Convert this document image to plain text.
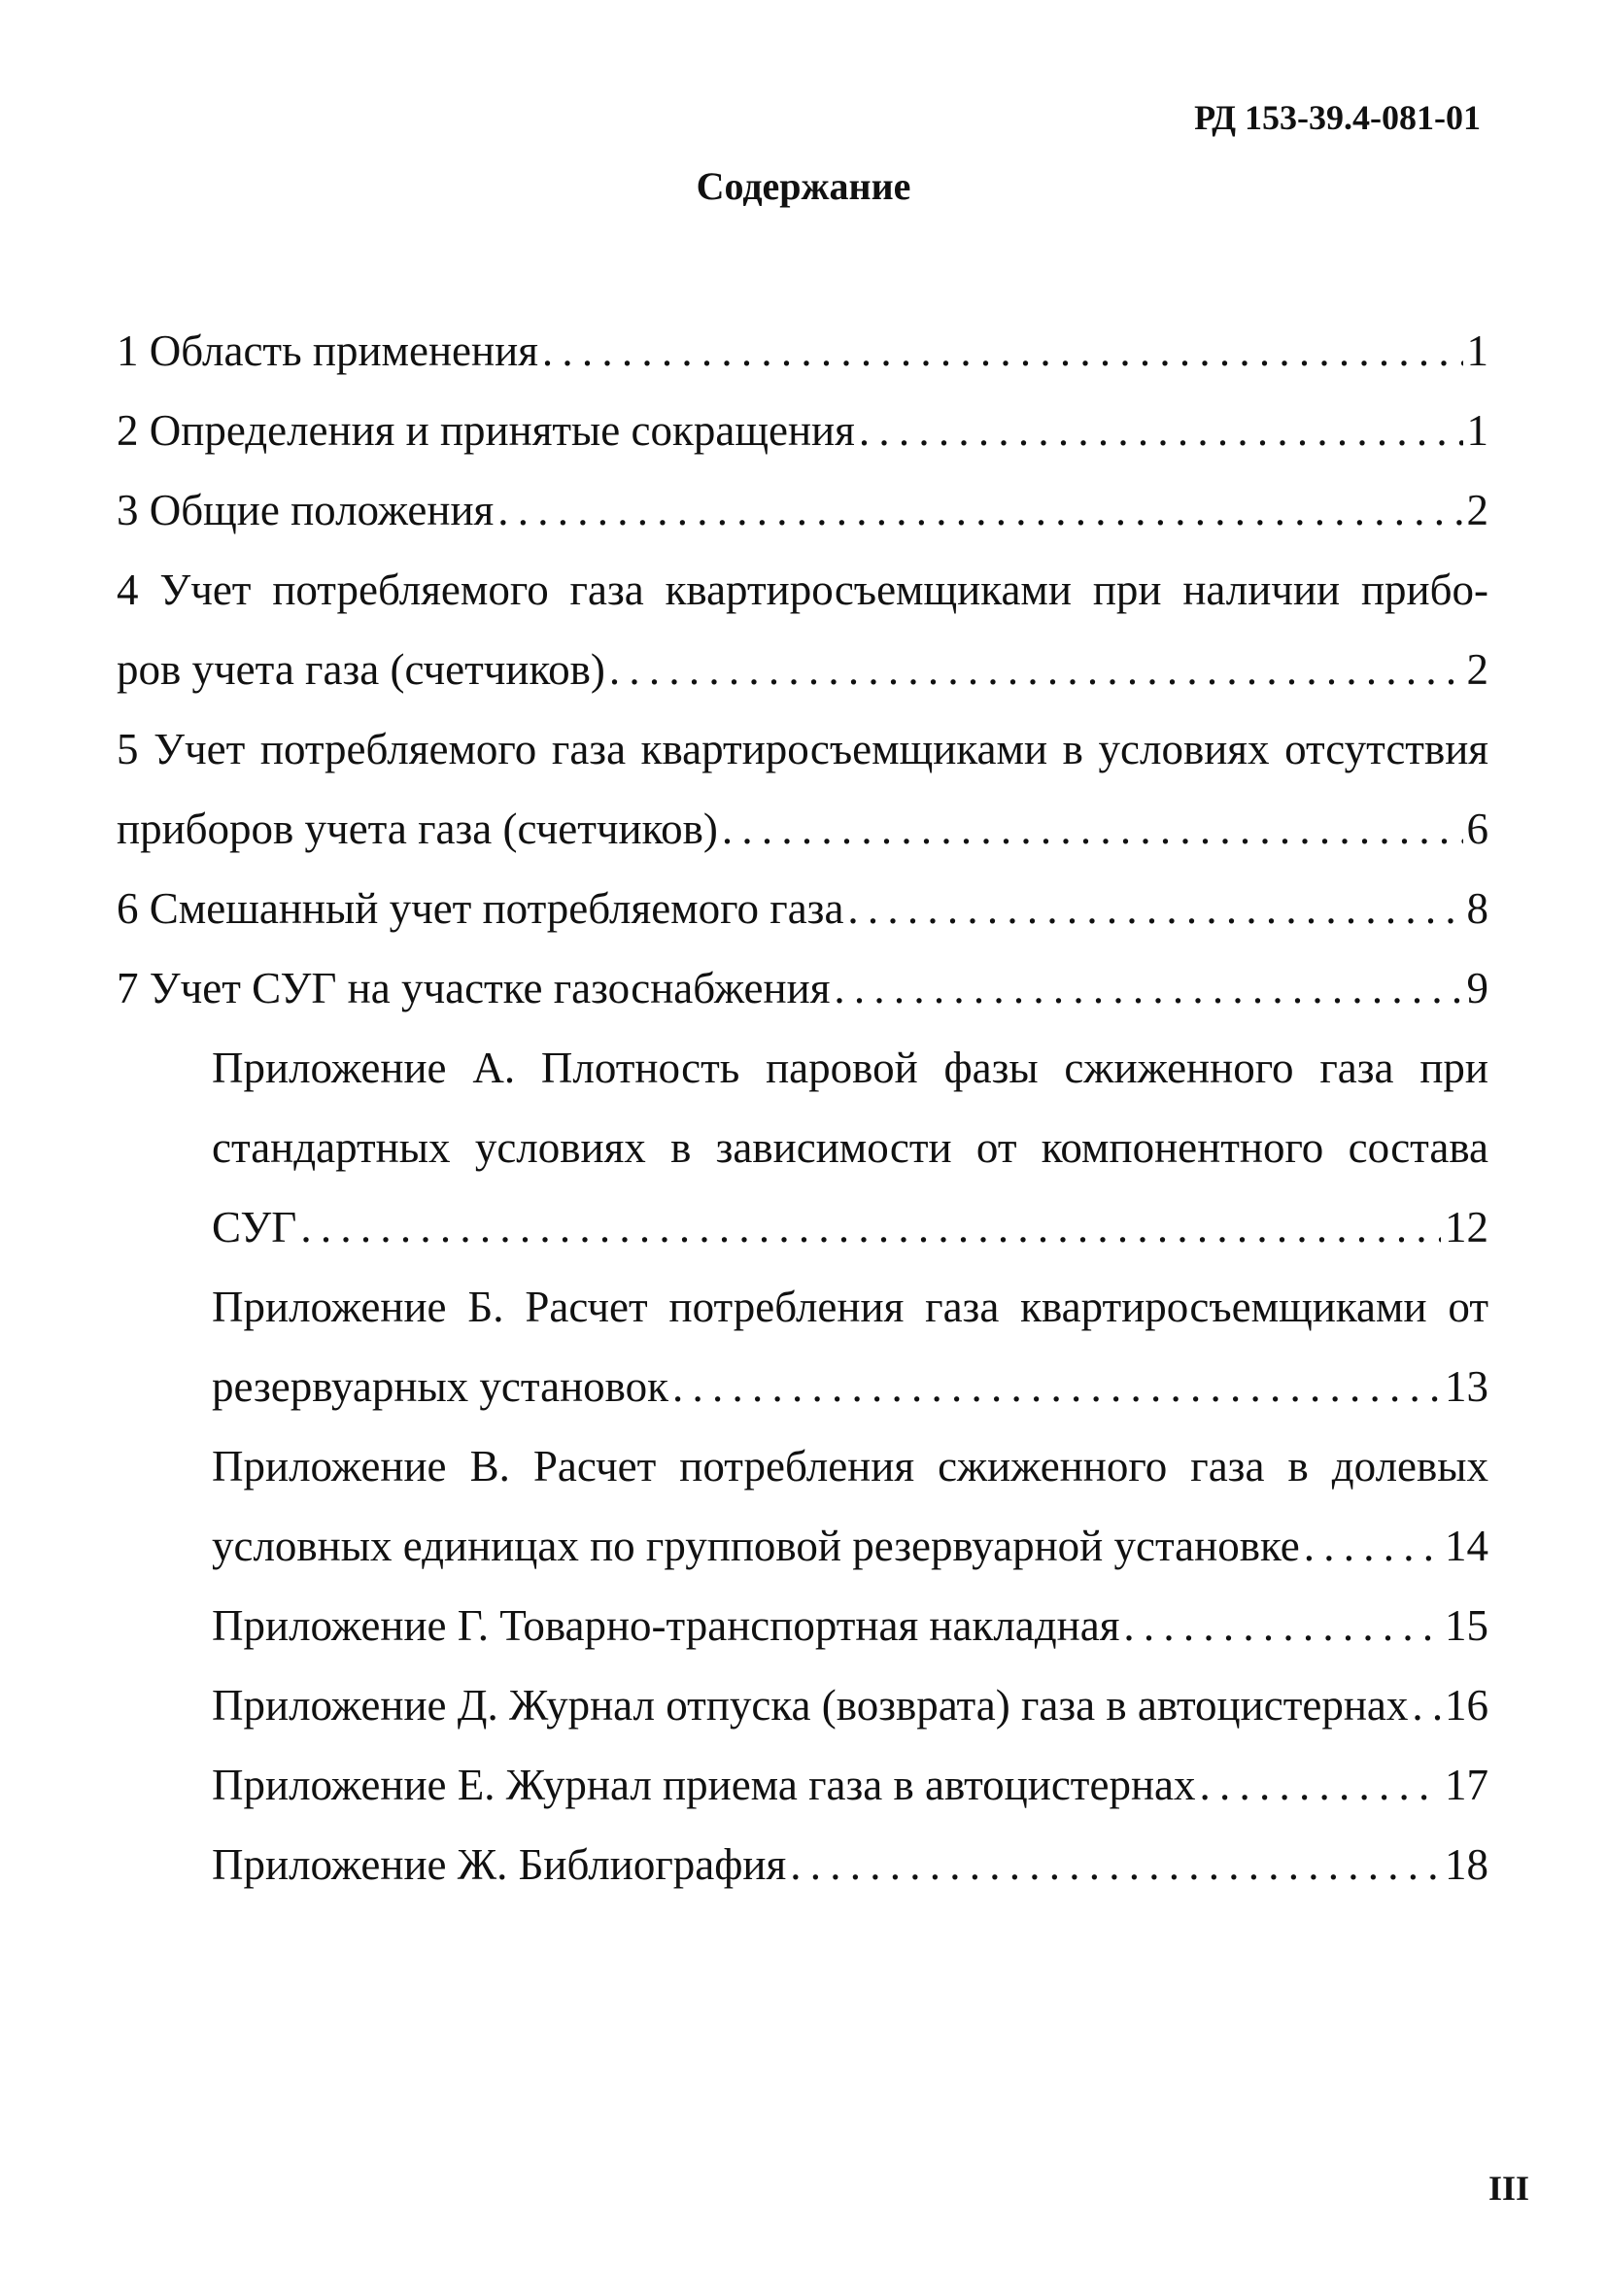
РД 153-39.4-081-01
Содержание
1 Область применения . . .	1
2 Определения и принятые сокращения . . .	1
3 Общие положения . . .	2
4 Учет потребляемого газа квартиросъемщиками при наличии прибо-
ров учета газа (счетчиков) . . .	2
5 Учет потребляемого газа квартиросъемщиками в условиях отсутствия
приборов учета газа (счетчиков) . . .	6
6 Смешанный учет потребляемого газа . . .	8
7 Учет СУГ на участке газоснабжения . . .	9
Приложение А. Плотность паровой фазы сжиженного газа при
стандартных условиях в зависимости от компонентного состава
СУГ . . .	12
Приложение Б. Расчет потребления газа квартиросъемщиками от
резервуарных установок . . .	13
Приложение В. Расчет потребления сжиженного газа в долевых
условных единицах по групповой резервуарной установке . . .	14
Приложение Г. Товарно-транспортная накладная . . .	15
Приложение Д. Журнал отпуска (возврата) газа в автоцистернах . . . 16
Приложение Е. Журнал приема газа в автоцистернах . . .	17
Приложение Ж. Библиография . . .	18
III
